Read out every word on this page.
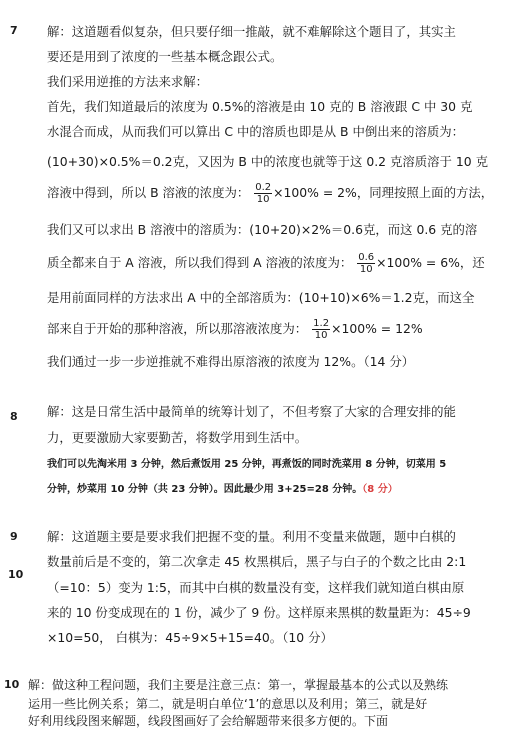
7 解：这道题看似复杂，但只要仔细一推敲，就不难解除这个题目了，其实主
要还是用到了浓度的一些基本概念跟公式。
我们采用逆推的方法来求解：
首先，我们知道最后的浓度为 0.5%的溶液是由 10 克的 B 溶液跟 C 中 30 克
水混合而成，从而我们可以算出 C 中的溶质也即是从 B 中倒出来的溶质为：
(10+30)×0.5%＝0.2克，又因为 B 中的浓度也就等于这 0.2 克溶质溶于 10 克
溶液中得到，所以 B 溶液的浓度为： $\frac{0.2}{10} \times 100\% = 2\%$，同理按照上面的方法，
我们又可以求出 B 溶液中的溶质为：(10+20)×2%＝0.6克，而这 0.6 克的溶
质全都来自于 A 溶液，所以我们得到 A 溶液的浓度为： $\frac{0.6}{10} \times 100\% = 6\%$，还
是用前面同样的方法求出 A 中的全部溶质为：(10+10)×6%＝1.2克，而这全
部来自于开始的那种溶液，所以那溶液浓度为： $\frac{1.2}{10} \times 100\% = 12\%$
我们通过一步一步逆推就不难得出原溶液的浓度为 12%。（14 分）
8 解：这是日常生活中最简单的统筹计划了，不但考察了大家的合理安排的能
力，更要激励大家要勤苦，将数学用到生活中。
我们可以先淘米用 3 分钟，然后煮饭用 25 分钟，再煮饭的同时洗菜用 8 分钟，切菜用 5
分钟，炒菜用 10 分钟（共 23 分钟）。因此最少用 3+25=28 分钟。（8 分）
9 解：这道题主要是要求我们把握不变的量。利用不变量来做题，题中白棋的
数量前后是不变的，第二次拿走 45 枚黑棋后，黑子与白子的个数之比由 2:1
（=10：5）变为 1:5，而其中白棋的数量没有变，这样我们就知道白棋由原
来的 10 份变成现在的 1 份，减少了 9 份。这样原来黑棋的数量距为：45÷9
×10=50， 白棋为：45÷9×5+15=40。（10 分）
10
10 解：做这种工程问题，我们主要是注意三点：第一，掌握最基本的公式以及熟练
运用一些比例关系；第二，就是明白单位‘1’的意思以及利用；第三，就是好
好利用线段图来解题，线段图画好了会给解题带来很多方便的。下面
